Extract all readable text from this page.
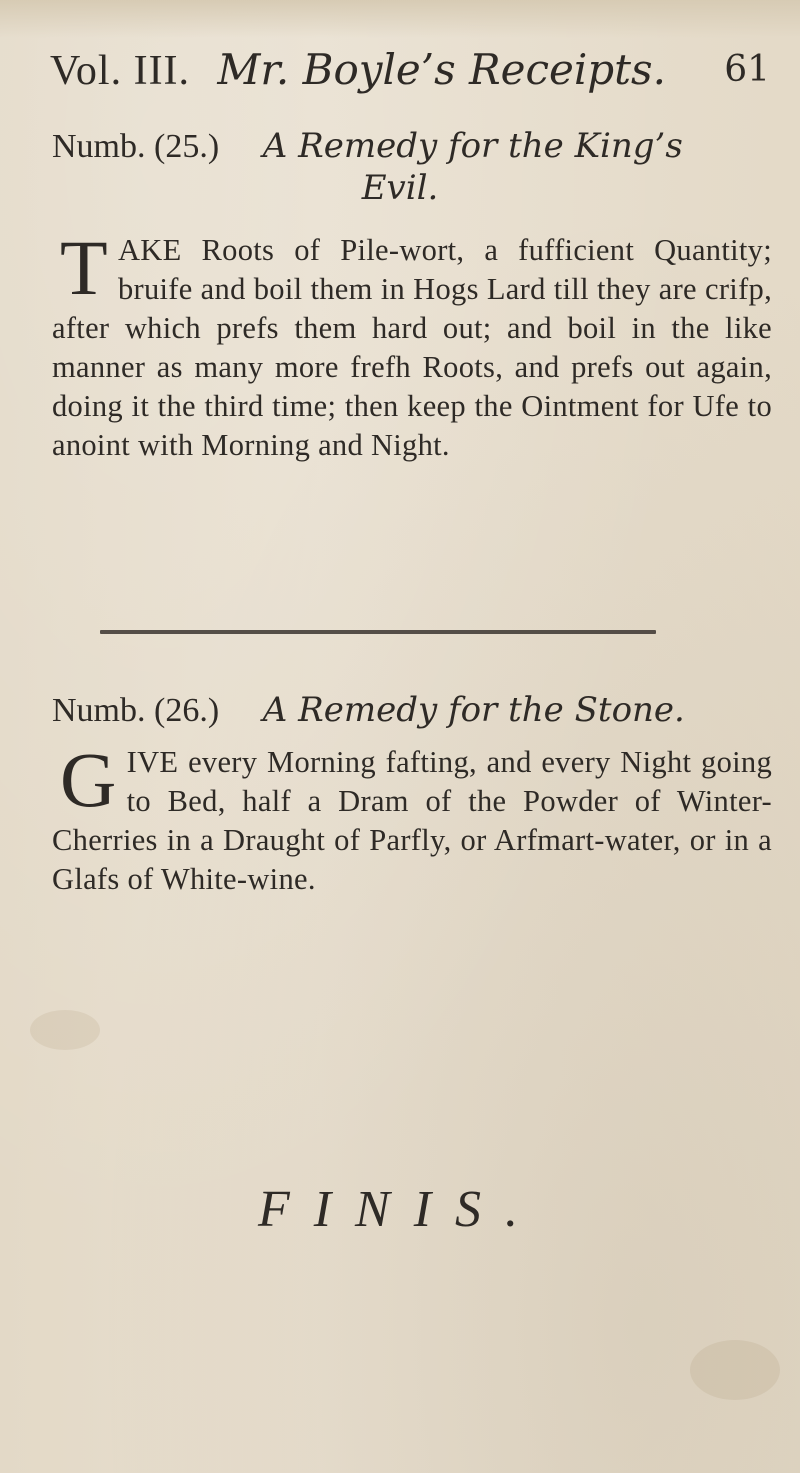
Vol. III. Mr. Boyle’s Receipts. 61
Numb. (25.) A Remedy for the King’s
Evil.
T AKE Roots of Pile-wort, a fufficient Quantity; bruife and boil them in Hogs Lard till they are crifp, after which prefs them hard out; and boil in the like manner as many more frefh Roots, and prefs out again, doing it the third time; then keep the Ointment for Ufe to anoint with Morning and Night.
Numb. (26.) A Remedy for the Stone.
G IVE every Morning fafting, and every Night going to Bed, half a Dram of the Powder of Winter-Cherries in a Draught of Parfly, or Arfmart-water, or in a Glafs of White-wine.
FINIS.
